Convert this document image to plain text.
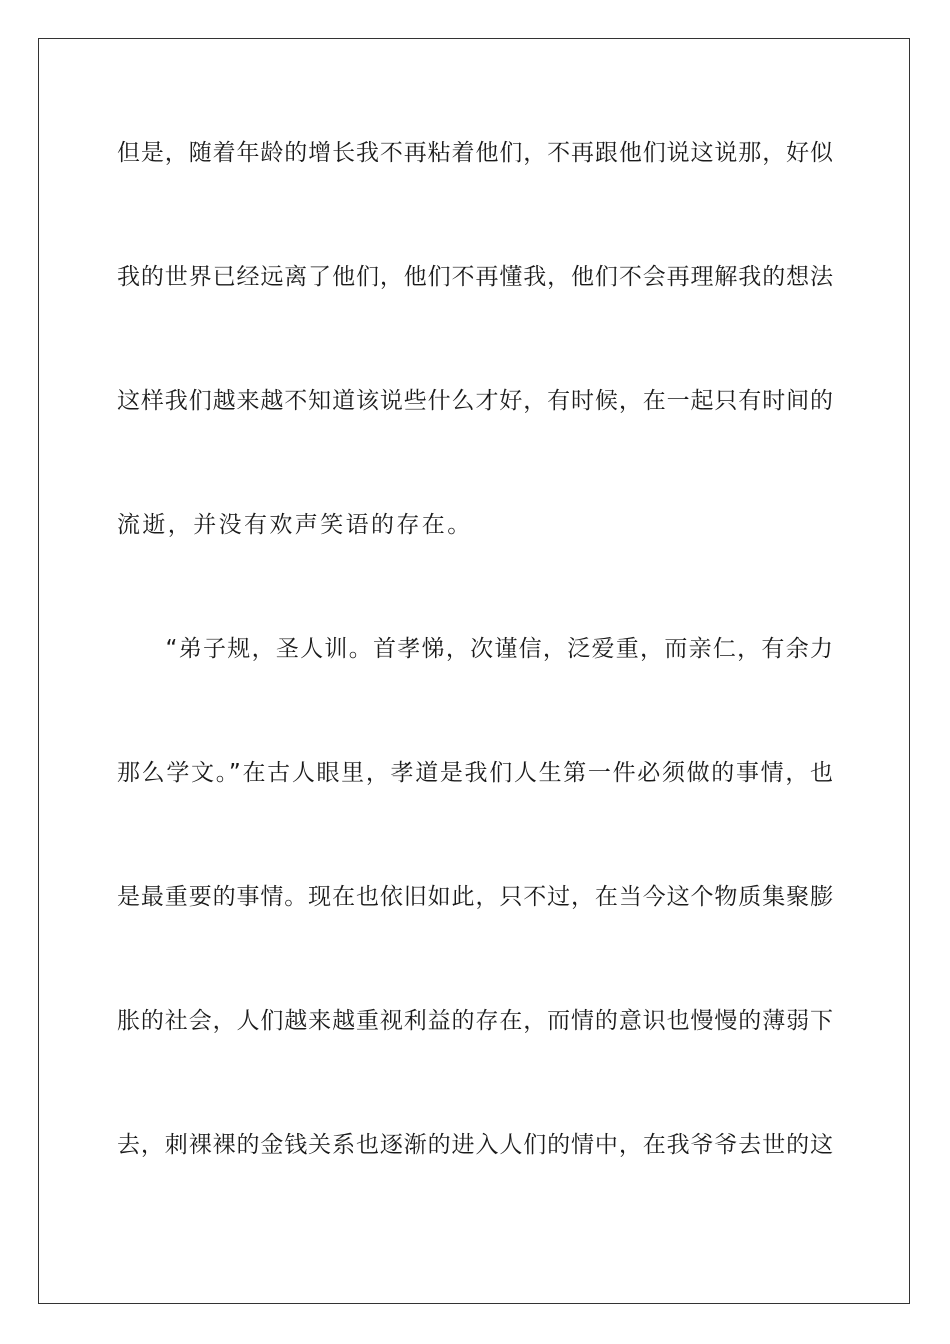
但是，随着年龄的增长我不再粘着他们，不再跟他们说这说那，好似
我的世界已经远离了他们，他们不再懂我，他们不会再理解我的想法
这样我们越来越不知道该说些什么才好，有时候，在一起只有时间的
流逝，并没有欢声笑语的存在。
　　“弟子规，圣人训。首孝悌，次谨信，泛爱重，而亲仁，有余力
那么学文。”在古人眼里，孝道是我们人生第一件必须做的事情，也
是最重要的事情。现在也依旧如此，只不过，在当今这个物质集聚膨
胀的社会，人们越来越重视利益的存在，而情的意识也慢慢的薄弱下
去，刺裸裸的金钱关系也逐渐的进入人们的情中，在我爷爷去世的这
